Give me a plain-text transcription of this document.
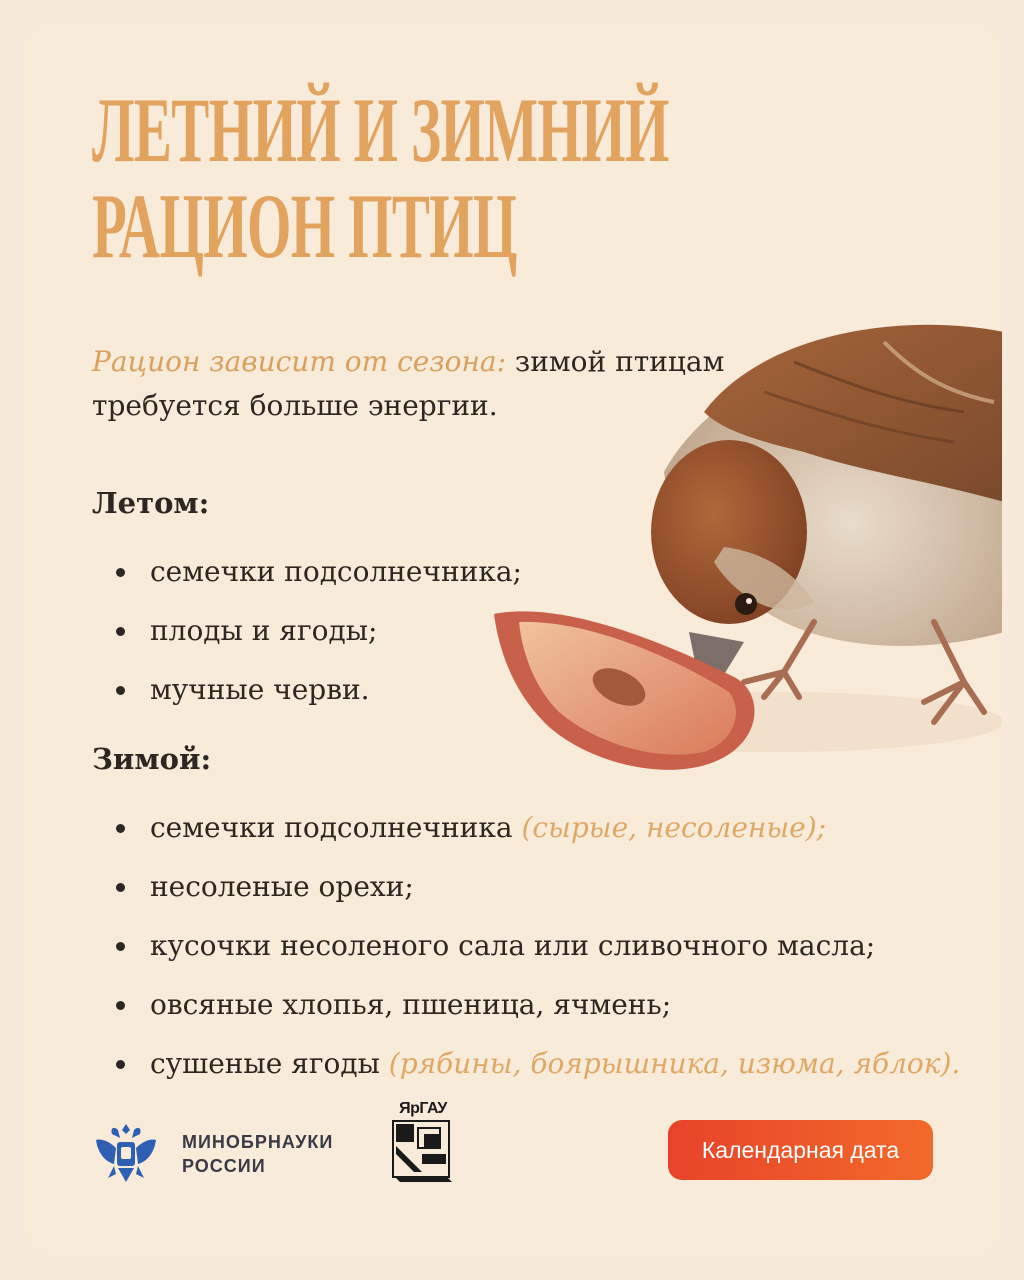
ЛЕТНИЙ И ЗИМНИЙ
РАЦИОН ПТИЦ
Рацион зависит от сезона: зимой птицам требуется больше энергии.
Летом:
семечки подсолнечника;
плоды и ягоды;
мучные черви.
Зимой:
семечки подсолнечника (сырые, несоленые);
несоленые орехи;
кусочки несоленого сала или сливочного масла;
овсяные хлопья, пшеница, ячмень;
сушеные ягоды (рябины, боярышника, изюма, яблок).
МИНОБРНАУКИ
РОССИИ
ЯрГАУ
Календарная дата
